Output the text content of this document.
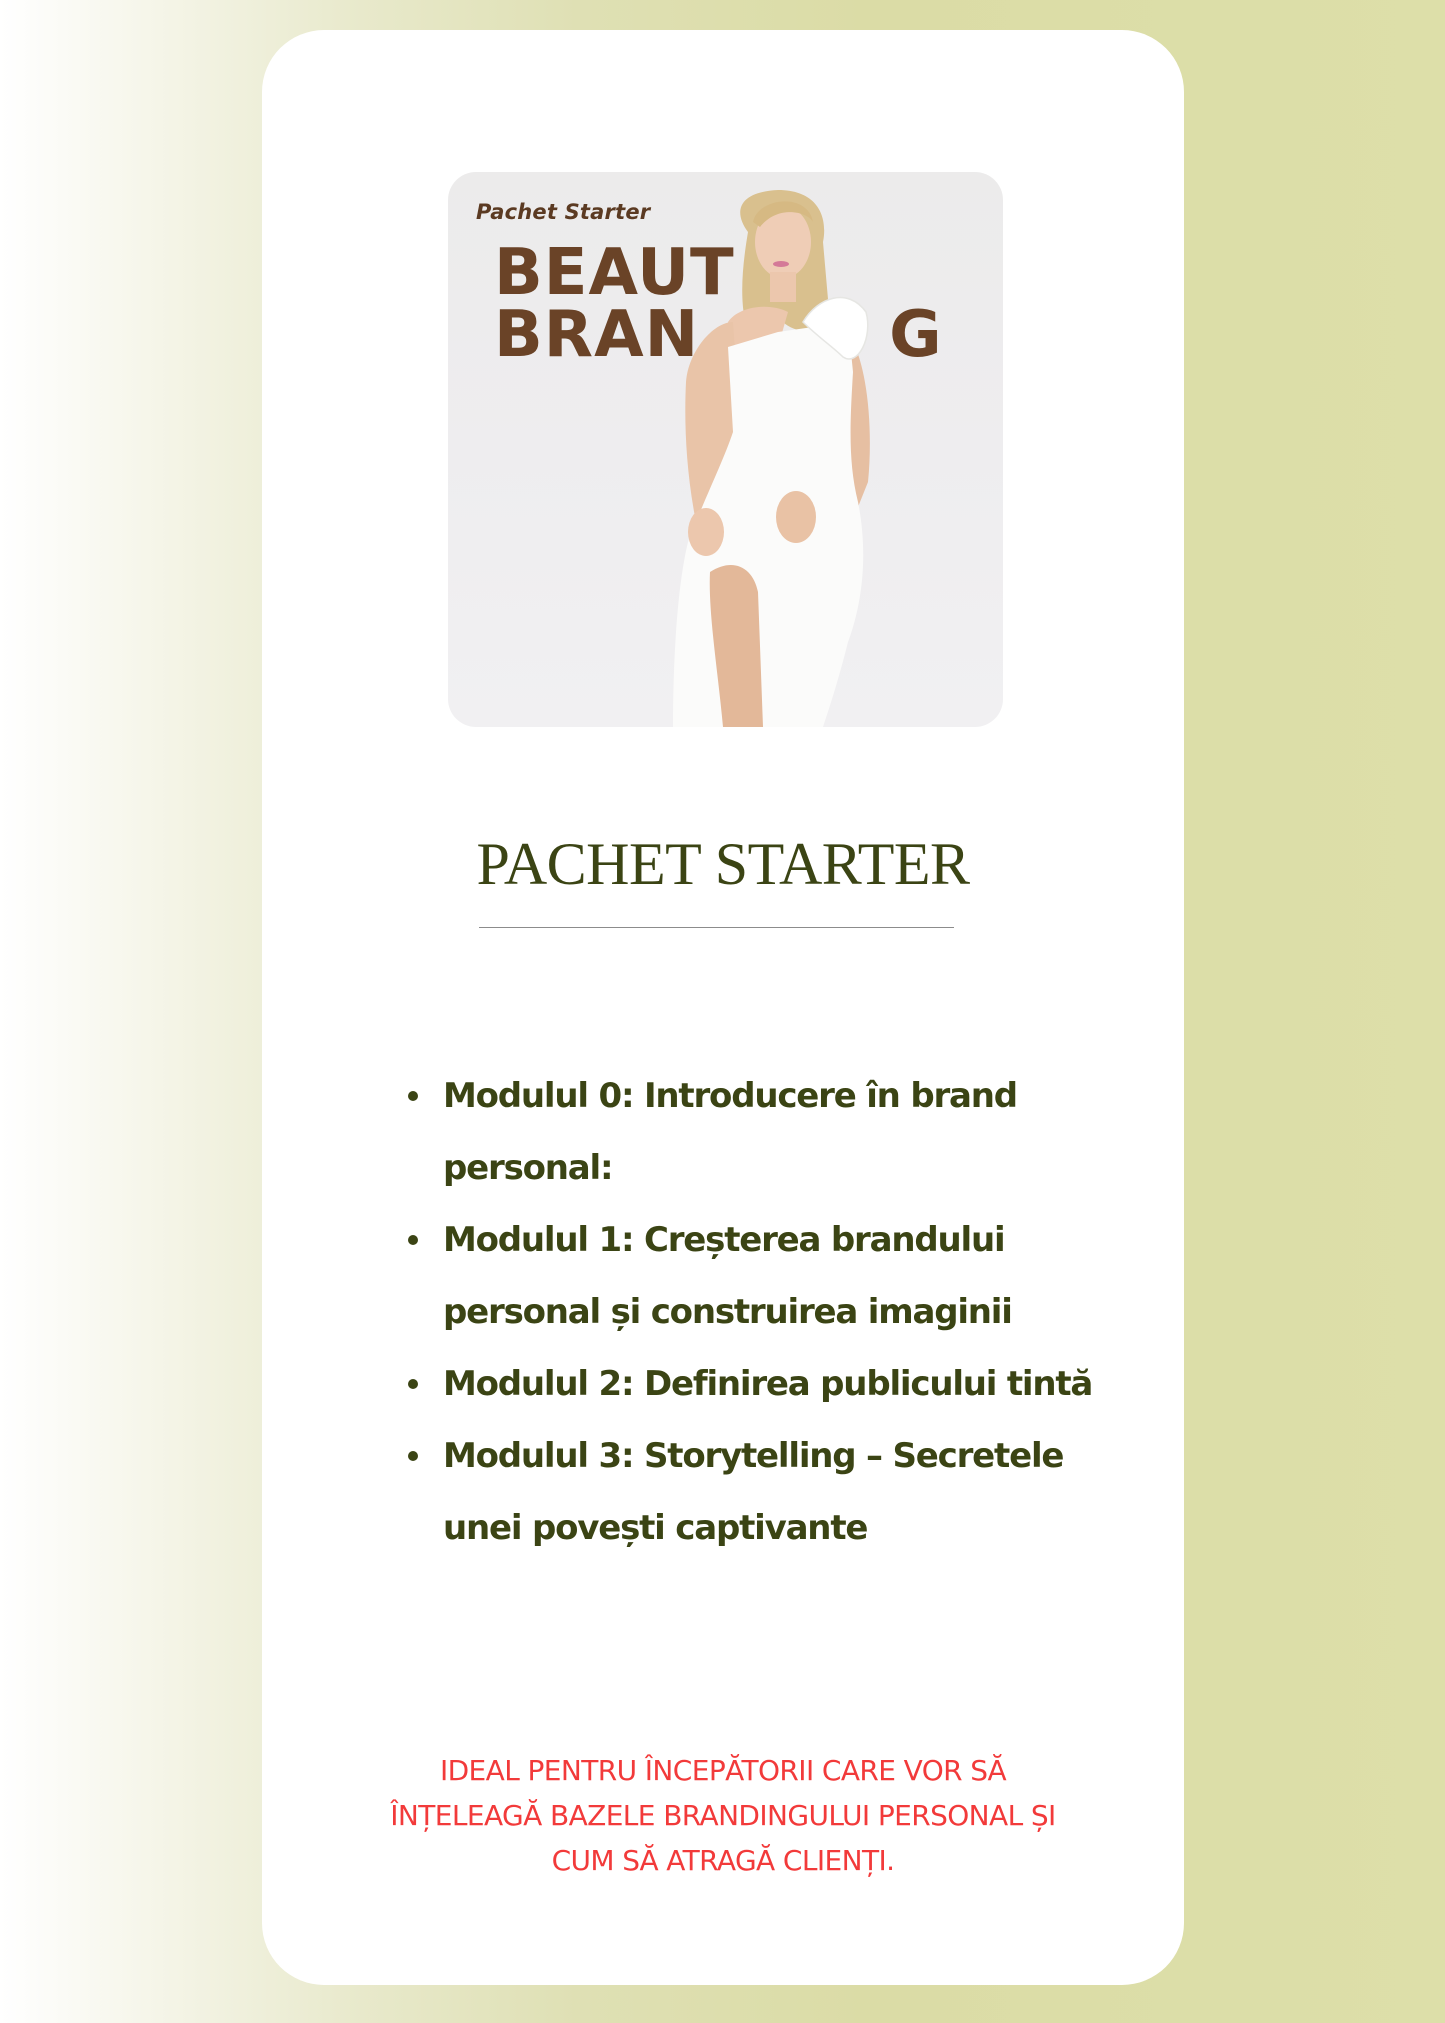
Pachet Starter
BEAUT
BRAN	G
PACHET STARTER
Modulul 0: Introducere în brand personal:
Modulul 1: Creșterea brandului personal și construirea imaginii
Modulul 2: Definirea publicului tintă
Modulul 3: Storytelling – Secretele unei povești captivante
IDEAL PENTRU ÎNCEPĂTORII CARE VOR SĂ
ÎNȚELEAGĂ BAZELE BRANDINGULUI PERSONAL ȘI
CUM SĂ ATRAGĂ CLIENȚI.
